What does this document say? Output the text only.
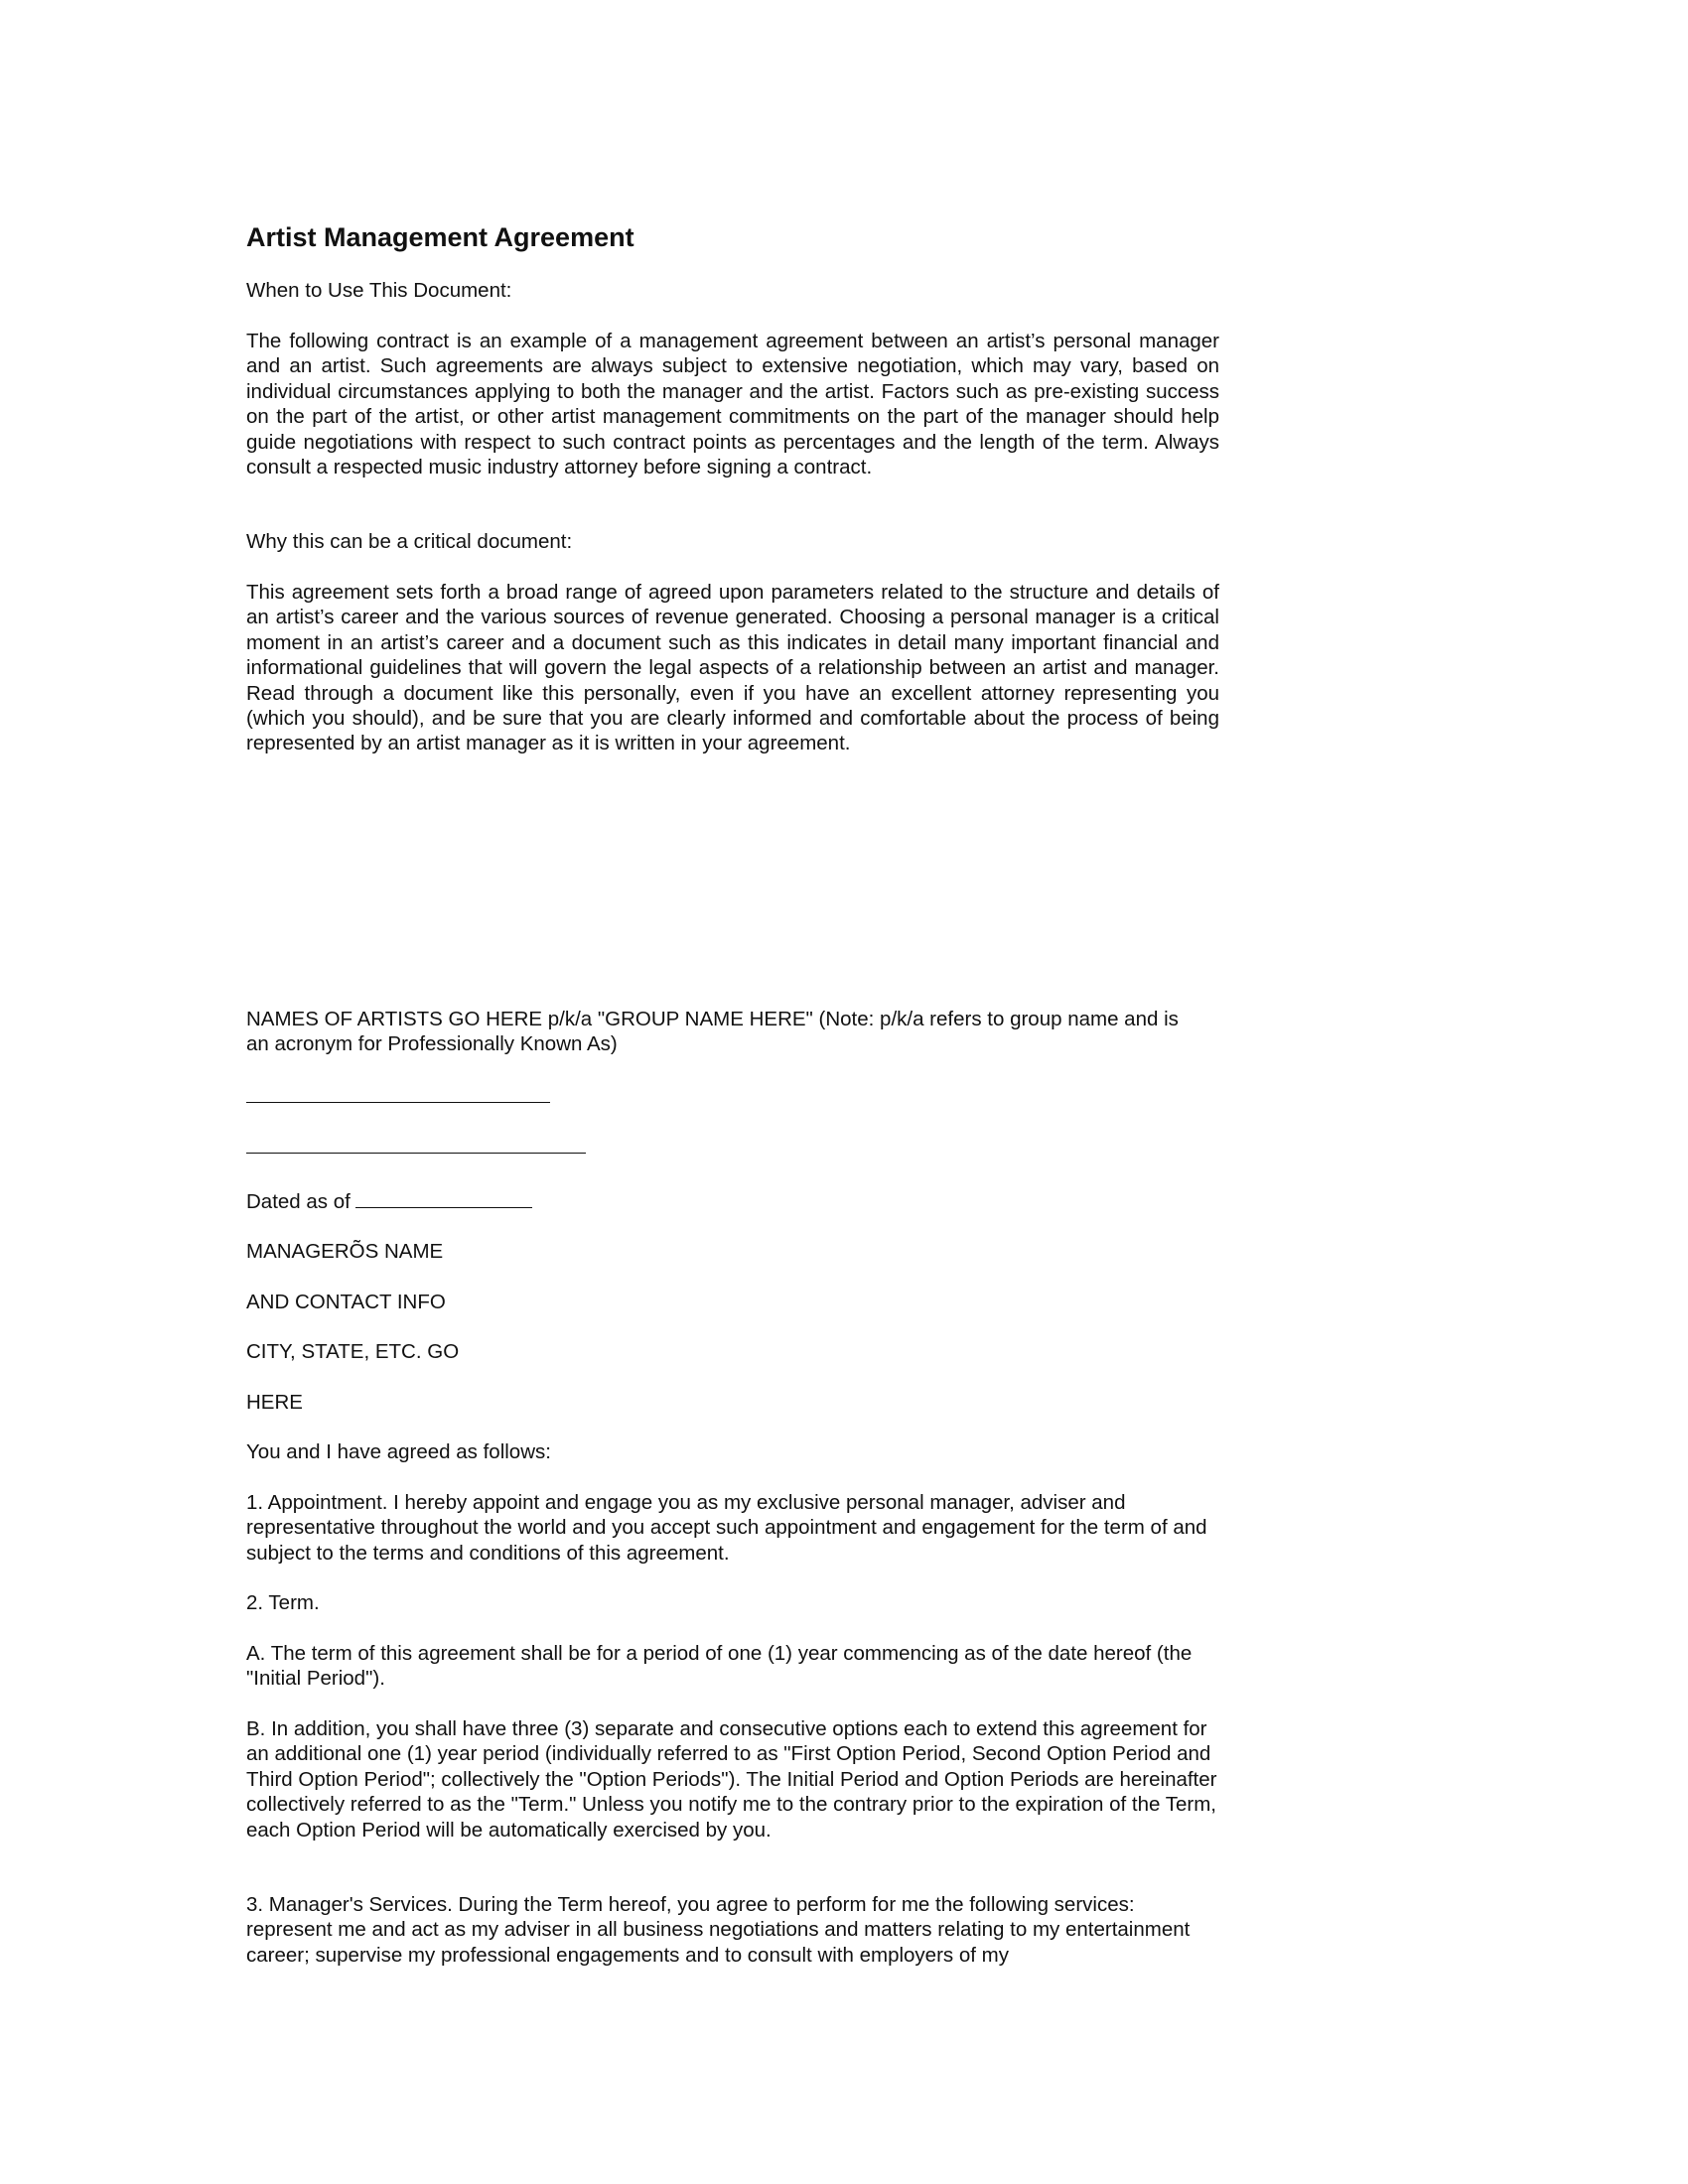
Artist Management Agreement

When to Use This Document:

The following contract is an example of a management agreement between an artist’s personal manager and an artist. Such agreements are always subject to extensive negotiation, which may vary, based on individual circumstances applying to both the manager and the artist. Factors such as pre-existing success on the part of the artist, or other artist management commitments on the part of the manager should help guide negotiations with respect to such contract points as percentages and the length of the term. Always consult a respected music industry attorney before signing a contract.

Why this can be a critical document:

This agreement sets forth a broad range of agreed upon parameters related to the structure and details of an artist’s career and the various sources of revenue generated. Choosing a personal manager is a critical moment in an artist’s career and a document such as this indicates in detail many important financial and informational guidelines that will govern the legal aspects of a relationship between an artist and manager. Read through a document like this personally, even if you have an excellent attorney representing you (which you should), and be sure that you are clearly informed and comfortable about the process of being represented by an artist manager as it is written in your agreement.

NAMES OF ARTISTS GO HERE p/k/a "GROUP NAME HERE" (Note: p/k/a refers to group name and is an acronym for Professionally Known As)

Dated as of

MANAGERÕS NAME

AND CONTACT INFO

CITY, STATE, ETC. GO

HERE

You and I have agreed as follows:

1. Appointment. I hereby appoint and engage you as my exclusive personal manager, adviser and representative throughout the world and you accept such appointment and engagement for the term of and subject to the terms and conditions of this agreement.

2. Term.

A. The term of this agreement shall be for a period of one (1) year commencing as of the date hereof (the "Initial Period").

B. In addition, you shall have three (3) separate and consecutive options each to extend this agreement for an additional one (1) year period (individually referred to as "First Option Period, Second Option Period and Third Option Period"; collectively the "Option Periods"). The Initial Period and Option Periods are hereinafter collectively referred to as the "Term." Unless you notify me to the contrary prior to the expiration of the Term, each Option Period will be automatically exercised by you.

3. Manager's Services. During the Term hereof, you agree to perform for me the following services: represent me and act as my adviser in all business negotiations and matters relating to my entertainment career; supervise my professional engagements and to consult with employers of my
